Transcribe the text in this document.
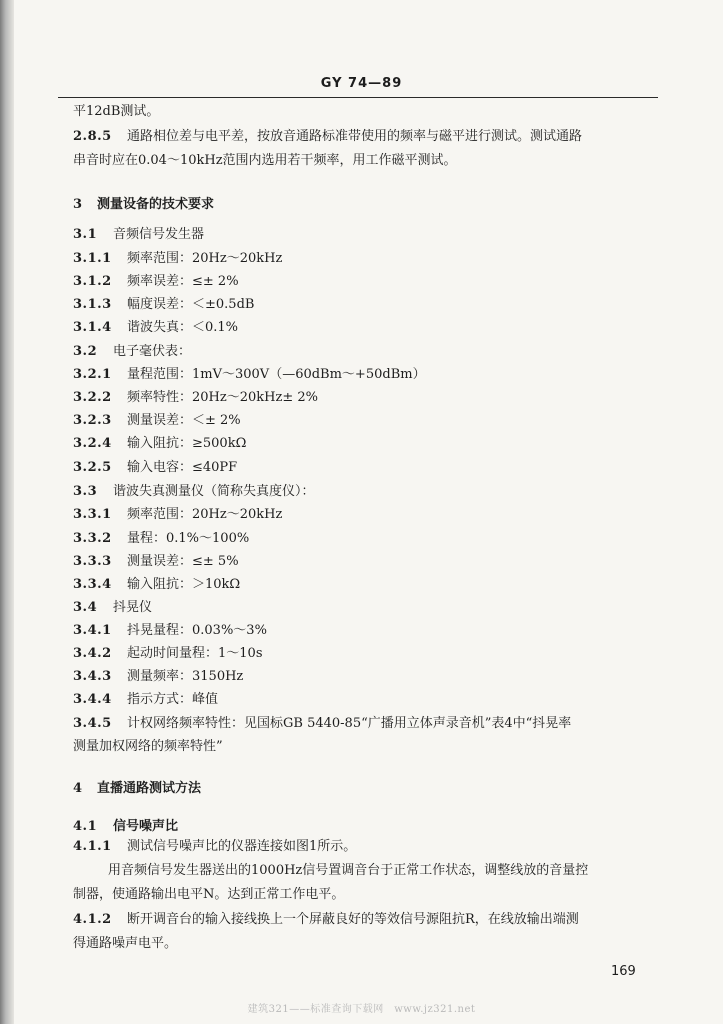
GY 74—89
平12dB测试。
2.8.5 通路相位差与电平差，按放音通路标准带使用的频率与磁平进行测试。测试通路
串音时应在0.04～10kHz范围内选用若干频率，用工作磁平测试。
3 测量设备的技术要求
3.1 音频信号发生器
3.1.1 频率范围：20Hz～20kHz
3.1.2 频率误差：≤± 2%
3.1.3 幅度误差：＜±0.5dB
3.1.4 谐波失真：＜0.1%
3.2 电子毫伏表：
3.2.1 量程范围：1mV～300V（—60dBm～+50dBm）
3.2.2 频率特性：20Hz～20kHz± 2%
3.2.3 测量误差：＜± 2%
3.2.4 输入阻抗：≥500kΩ
3.2.5 输入电容：≤40PF
3.3 谐波失真测量仪（简称失真度仪）：
3.3.1 频率范围：20Hz～20kHz
3.3.2 量程：0.1%～100%
3.3.3 测量误差：≤± 5%
3.3.4 输入阻抗：＞10kΩ
3.4 抖晃仪
3.4.1 抖晃量程：0.03%～3%
3.4.2 起动时间量程：1～10s
3.4.3 测量频率：3150Hz
3.4.4 指示方式：峰值
3.4.5 计权网络频率特性：见国标GB 5440-85“广播用立体声录音机”表4中“抖晃率
测量加权网络的频率特性”
4 直播通路测试方法
4.1 信号噪声比
4.1.1 测试信号噪声比的仪器连接如图1所示。
用音频信号发生器送出的1000Hz信号置调音台于正常工作状态，调整线放的音量控
制器，使通路输出电平N。达到正常工作电平。
4.1.2 断开调音台的输入接线换上一个屏蔽良好的等效信号源阻抗R，在线放输出端测
得通路噪声电平。
169
建筑321——标准查询下载网　www.jz321.net
